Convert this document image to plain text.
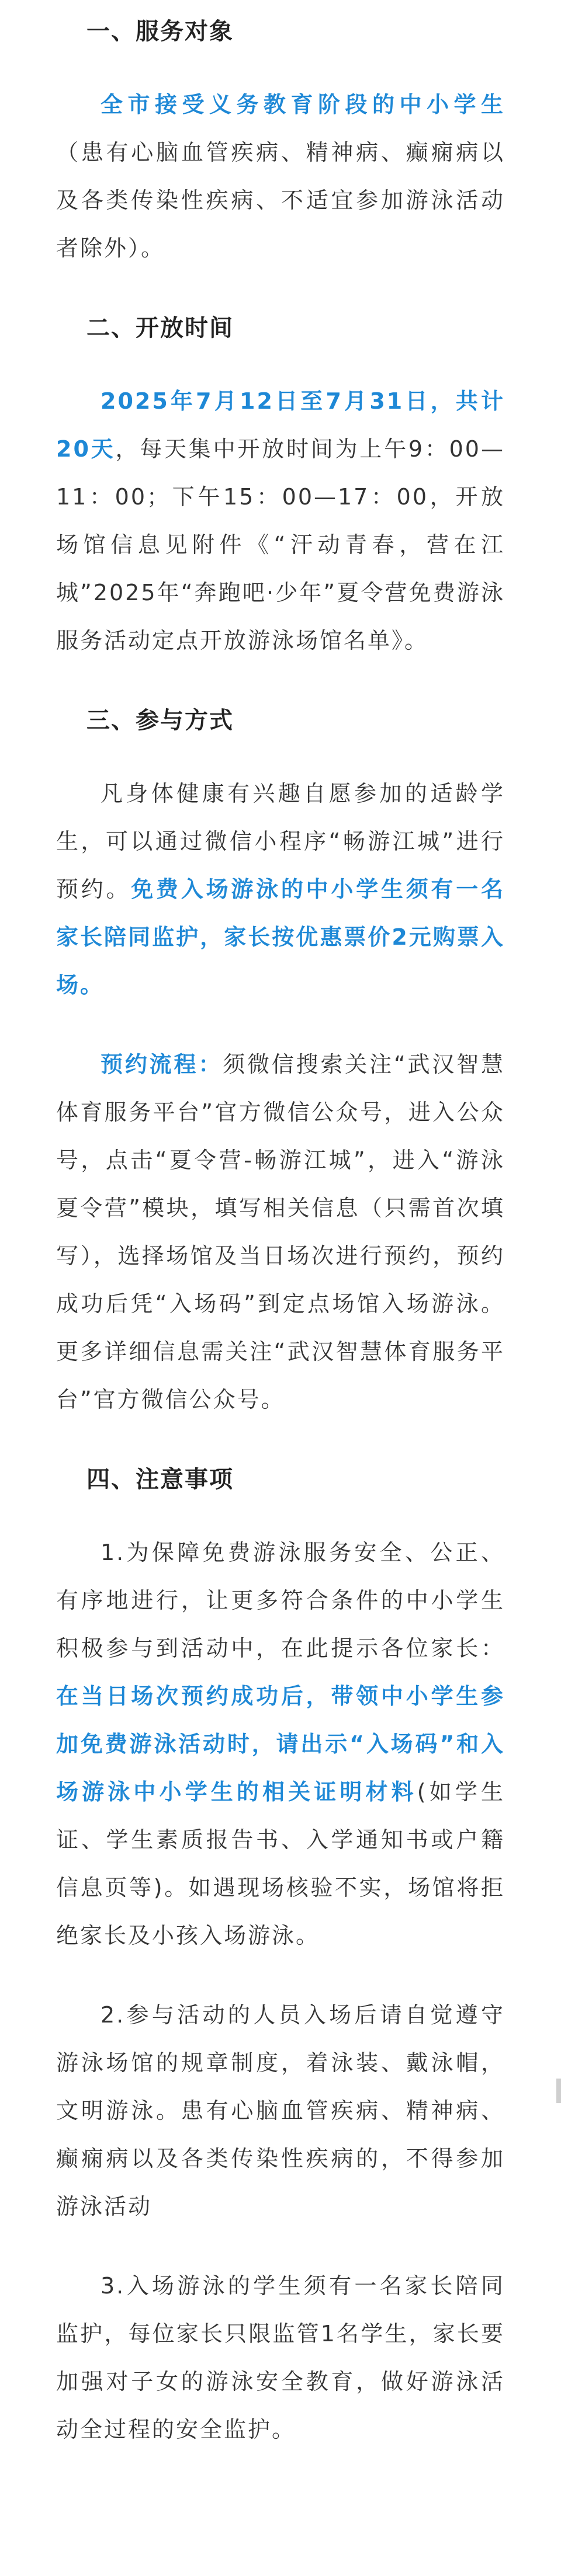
一、服务对象

全市接受义务教育阶段的中小学生（患有心脑血管疾病、精神病、癫痫病以及各类传染性疾病、不适宜参加游泳活动者除外）。

二、开放时间

2025年7月12日至7月31日，共计20天，每天集中开放时间为上午9：00—11：00；下午15：00—17：00，开放场馆信息见附件《“汗动青春，营在江城”2025年“奔跑吧·少年”夏令营免费游泳服务活动定点开放游泳场馆名单》。

三、参与方式

凡身体健康有兴趣自愿参加的适龄学生，可以通过微信小程序“畅游江城”进行预约。免费入场游泳的中小学生须有一名家长陪同监护，家长按优惠票价2元购票入场。

预约流程：须微信搜索关注“武汉智慧体育服务平台”官方微信公众号，进入公众号，点击“夏令营-畅游江城”，进入“游泳夏令营”模块，填写相关信息（只需首次填写），选择场馆及当日场次进行预约，预约成功后凭“入场码”到定点场馆入场游泳。更多详细信息需关注“武汉智慧体育服务平台”官方微信公众号。

四、注意事项

1.为保障免费游泳服务安全、公正、有序地进行，让更多符合条件的中小学生积极参与到活动中，在此提示各位家长：在当日场次预约成功后，带领中小学生参加免费游泳活动时，请出示“入场码”和入场游泳中小学生的相关证明材料(如学生证、学生素质报告书、入学通知书或户籍信息页等)。如遇现场核验不实，场馆将拒绝家长及小孩入场游泳。

2.参与活动的人员入场后请自觉遵守游泳场馆的规章制度，着泳装、戴泳帽，文明游泳。患有心脑血管疾病、精神病、癫痫病以及各类传染性疾病的，不得参加游泳活动

3.入场游泳的学生须有一名家长陪同监护，每位家长只限监管1名学生，家长要加强对子女的游泳安全教育，做好游泳活动全过程的安全监护。
